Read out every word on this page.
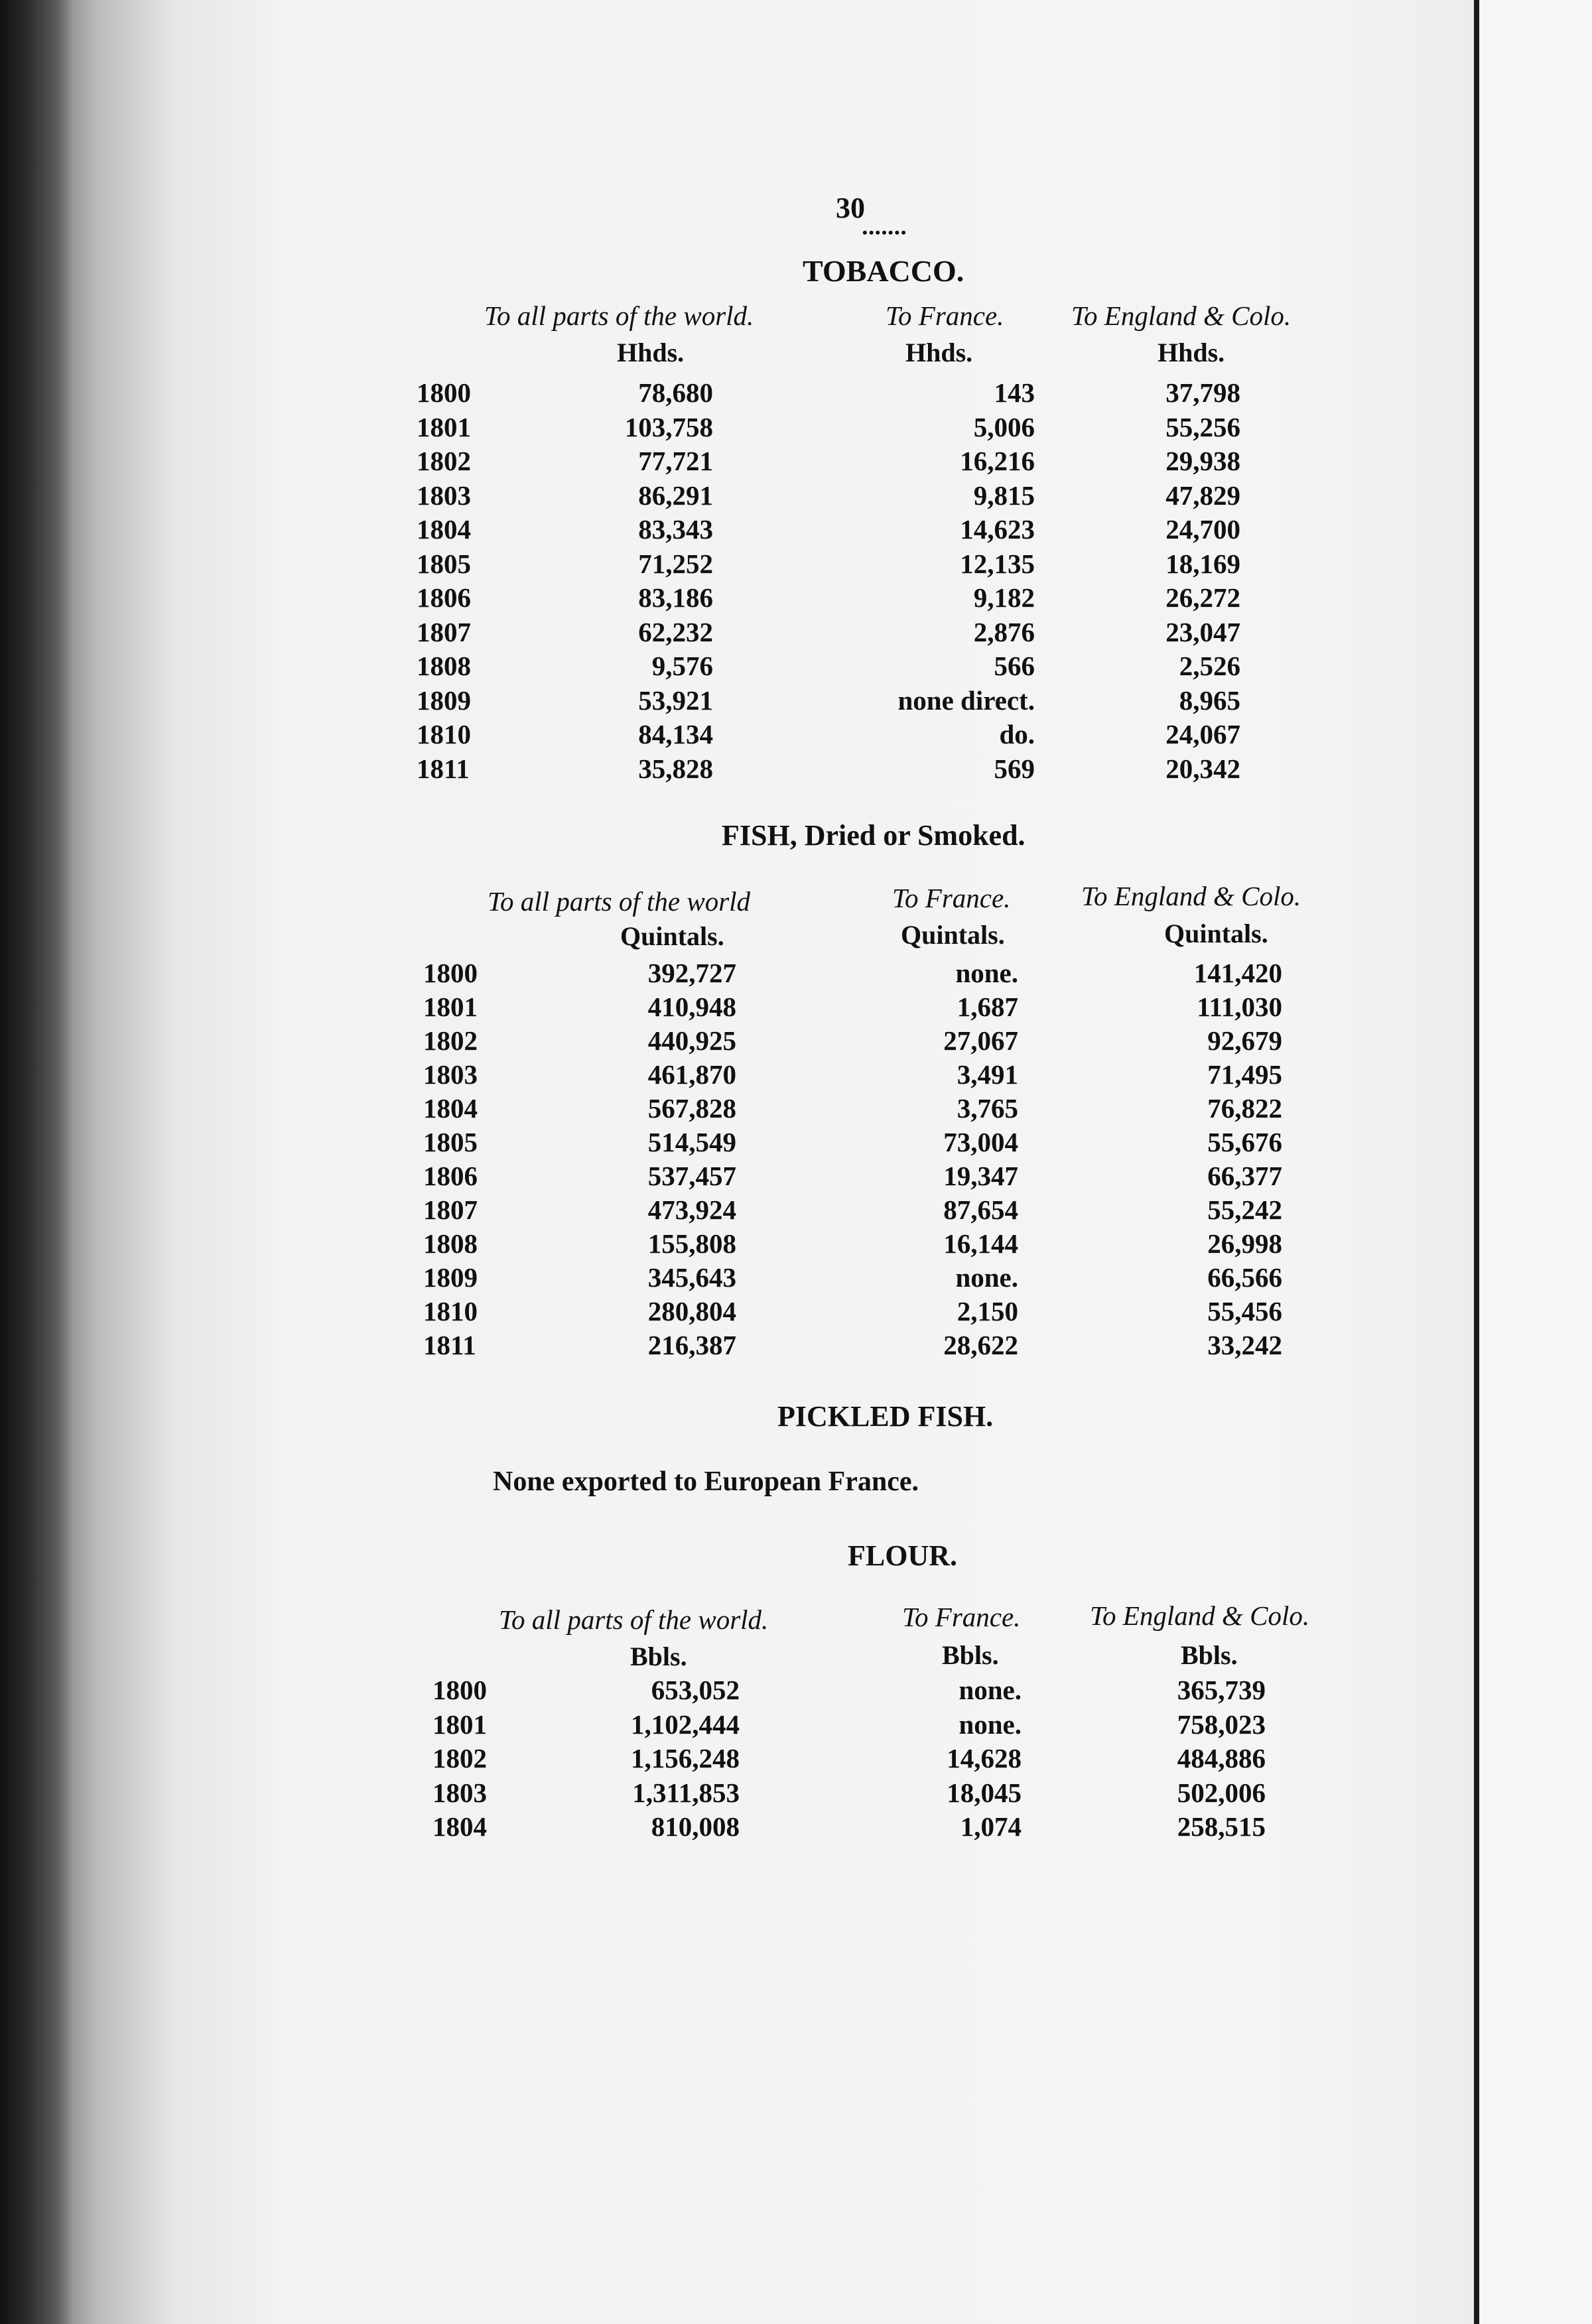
30
•••••••
TOBACCO.
To all parts of the world.	To France. To England & Colo.
Hhds.	Hhds.	Hhds.
1800	78,680	143	37,798
1801	103,758	5,006	55,256
1802	77,721	16,216	29,938
1803	86,291	9,815	47,829
1804	83,343	14,623	24,700
1805	71,252	12,135	18,169
1806	83,186	9,182	26,272
1807	62,232	2,876	23,047
1808	9,576	566	2,526
1809	53,921	none direct.	8,965
1810	84,134	do.	24,067
1811	35,828	569	20,342
FISH, Dried or Smoked.
To all parts of the world	To France.	To England & Colo.
Quintals.	Quintals.	Quintals.
1800	392,727	none.	141,420
1801	410,948	1,687	111,030
1802	440,925	27,067	92,679
1803	461,870	3,491	71,495
1804	567,828	3,765	76,822
1805	514,549	73,004	55,676
1806	537,457	19,347	66,377
1807	473,924	87,654	55,242
1808	155,808	16,144	26,998
1809	345,643	none.	66,566
1810	280,804	2,150	55,456
1811	216,387	28,622	33,242
PICKLED FISH.
None exported to European France.
FLOUR.
To all parts of the world.	To France.	To England & Colo.
Bbls.	Bbls.	Bbls.
1800	653,052	none.	365,739
1801	1,102,444	none.	758,023
1802	1,156,248	14,628	484,886
1803	1,311,853	18,045	502,006
1804	810,008	1,074	258,515
